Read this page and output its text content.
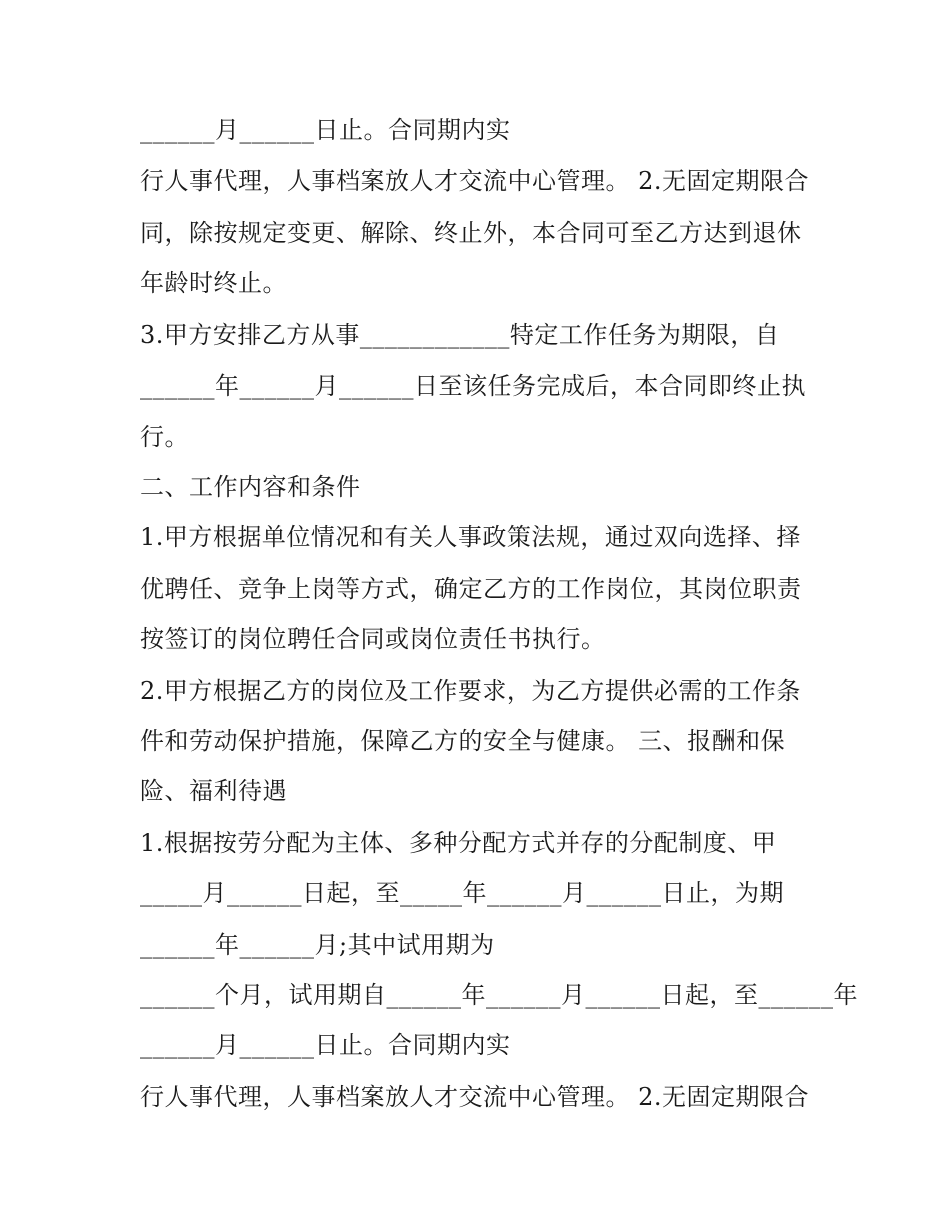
______月______日止。合同期内实
行人事代理，人事档案放人才交流中心管理。 2.无固定期限合
同，除按规定变更、解除、终止外，本合同可至乙方达到退休
年龄时终止。
3.甲方安排乙方从事____________特定工作任务为期限，自
______年______月______日至该任务完成后，本合同即终止执
行。
二、工作内容和条件
1.甲方根据单位情况和有关人事政策法规，通过双向选择、择
优聘任、竞争上岗等方式，确定乙方的工作岗位，其岗位职责
按签订的岗位聘任合同或岗位责任书执行。
2.甲方根据乙方的岗位及工作要求，为乙方提供必需的工作条
件和劳动保护措施，保障乙方的安全与健康。 三、报酬和保
险、福利待遇
1.根据按劳分配为主体、多种分配方式并存的分配制度、甲
_____月______日起，至_____年______月______日止，为期
______年______月;其中试用期为
______个月，试用期自______年______月______日起，至______年
______月______日止。合同期内实
行人事代理，人事档案放人才交流中心管理。 2.无固定期限合
